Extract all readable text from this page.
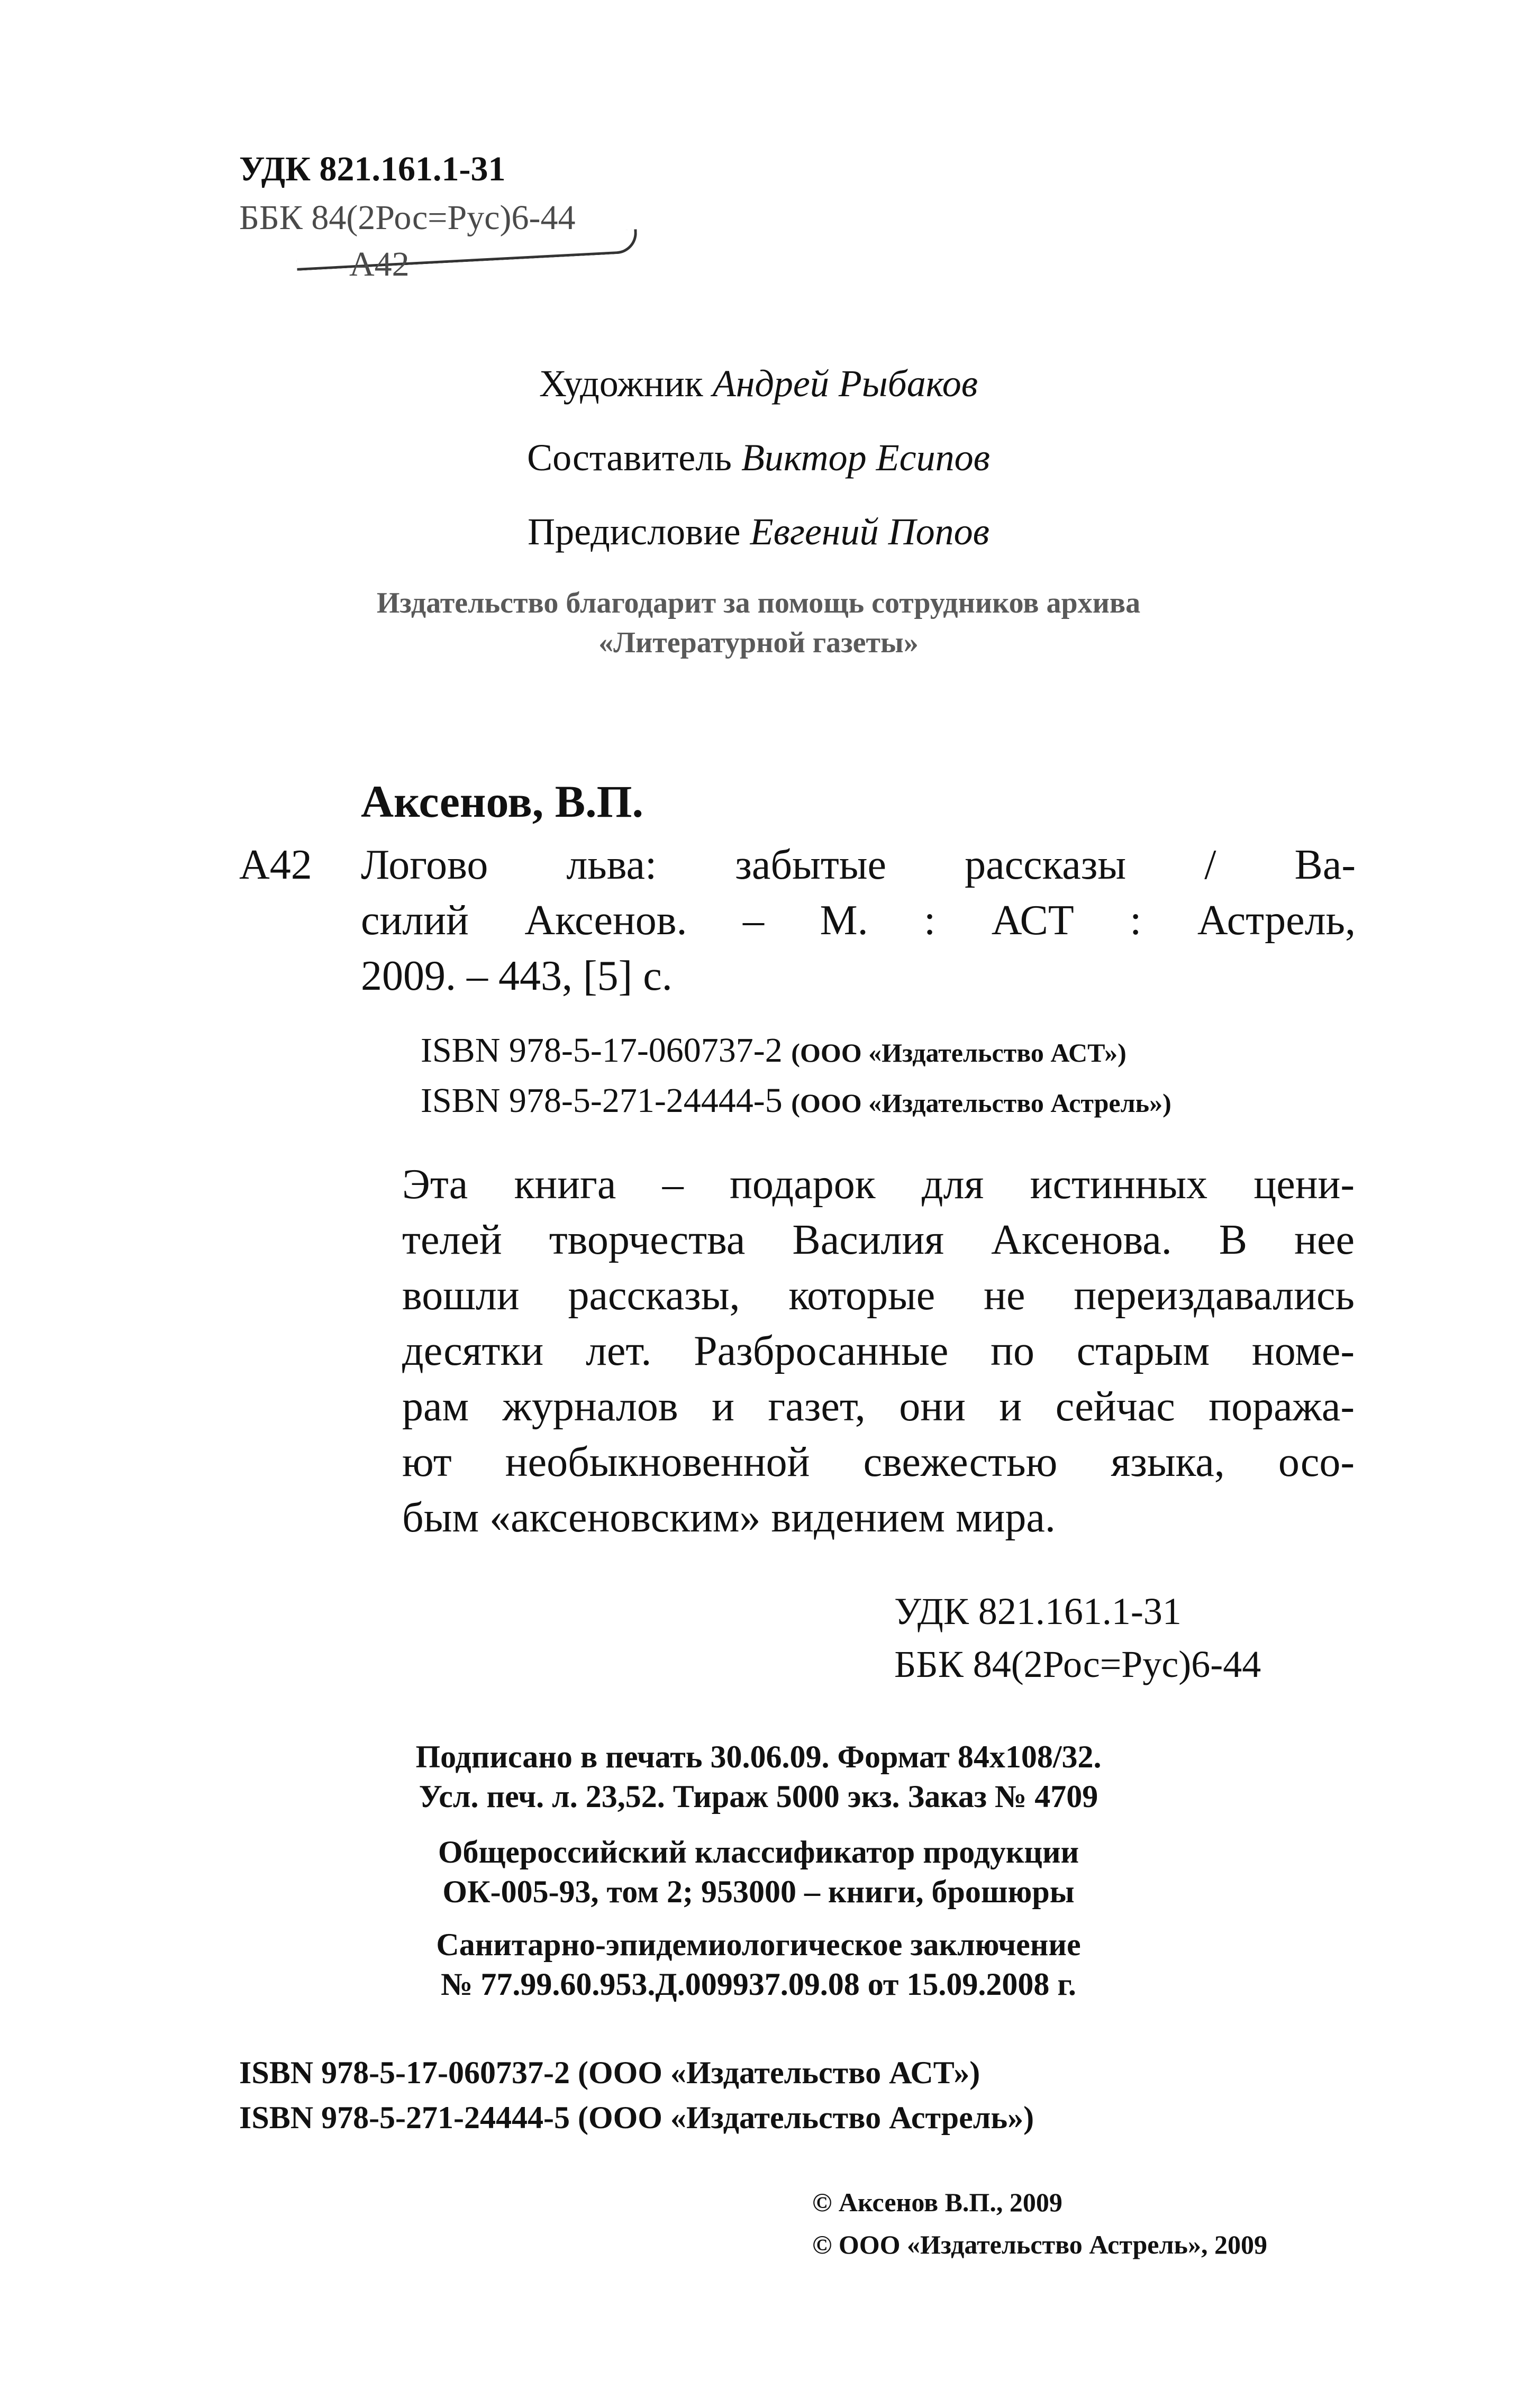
УДК 821.161.1-31
ББК 84(2Рос=Рус)6-44
А42
Художник Андрей Рыбаков
Составитель Виктор Есипов
Предисловие Евгений Попов
Издательство благодарит за помощь сотрудников архива
«Литературной газеты»
Аксенов, В.П.
А42 Логово льва: забытые рассказы / Ва-
силий Аксенов. – М. : АСТ : Астрель,
2009. – 443, [5] с.
ISBN 978-5-17-060737-2 (ООО «Издательство АСТ»)
ISBN 978-5-271-24444-5 (ООО «Издательство Астрель»)
Эта книга – подарок для истинных цени-
телей творчества Василия Аксенова. В нее
вошли рассказы, которые не переиздавались
десятки лет. Разбросанные по старым номе-
рам журналов и газет, они и сейчас поража-
ют необыкновенной свежестью языка, осо-
бым «аксеновским» видением мира.
УДК 821.161.1-31
ББК 84(2Рос=Рус)6-44
Подписано в печать 30.06.09. Формат 84х108/32.
Усл. печ. л. 23,52. Тираж 5000 экз. Заказ № 4709
Общероссийский классификатор продукции
ОК-005-93, том 2; 953000 – книги, брошюры
Санитарно-эпидемиологическое заключение
№ 77.99.60.953.Д.009937.09.08 от 15.09.2008 г.
ISBN 978-5-17-060737-2 (ООО «Издательство АСТ»)
ISBN 978-5-271-24444-5 (ООО «Издательство Астрель»)
© Аксенов В.П., 2009
© ООО «Издательство Астрель», 2009
